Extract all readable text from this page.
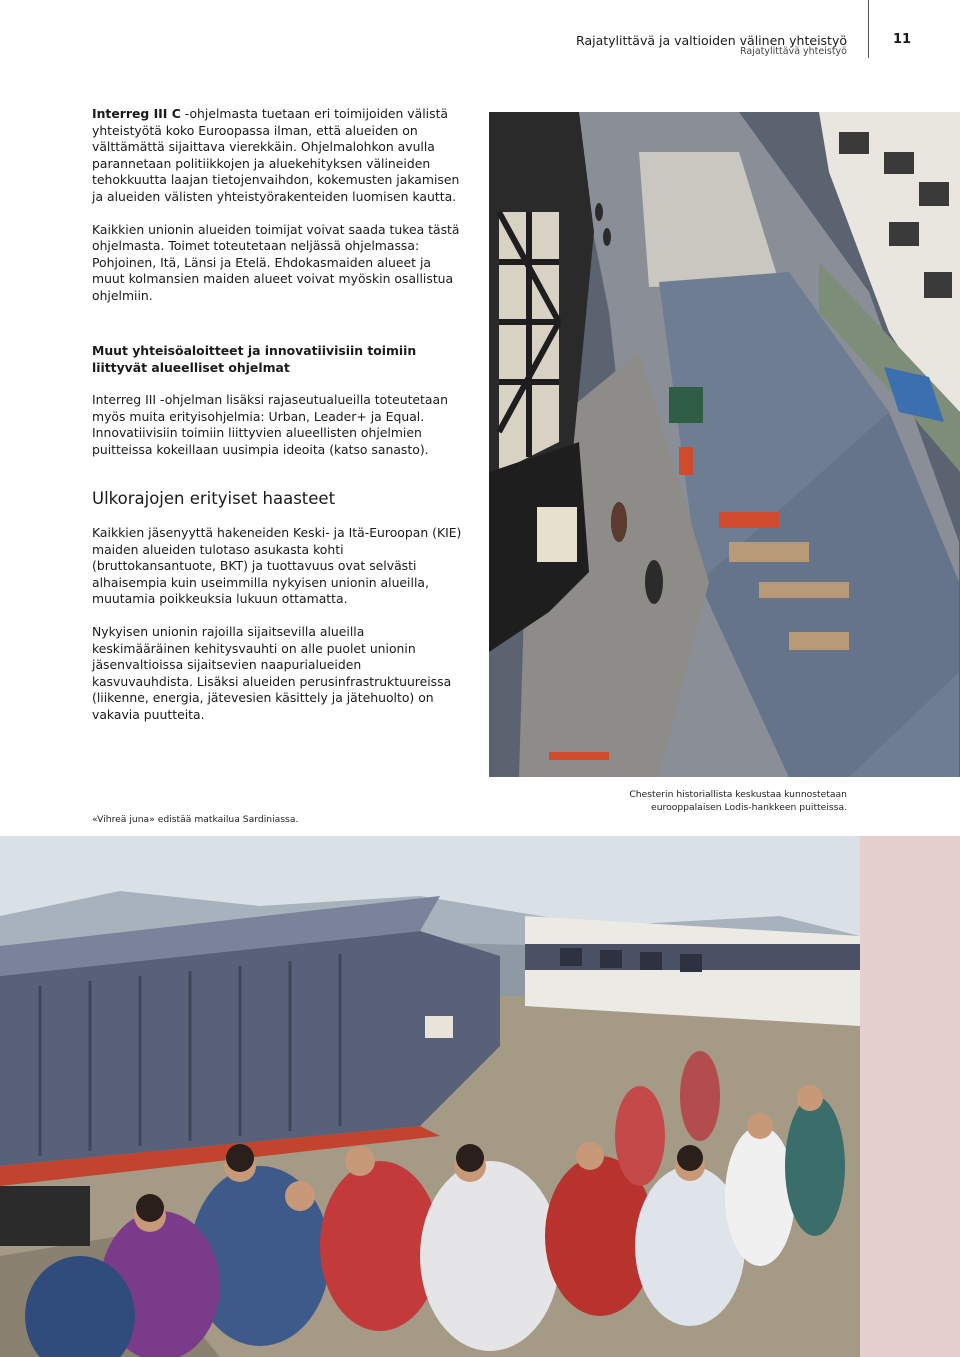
Rajatylittävä ja valtioiden välinen yhteistyö
Rajatylittävä yhteistyö
11

Interreg III C -ohjelmasta tuetaan eri toimijoiden välistä yhteistyötä koko Euroopassa ilman, että alueiden on välttämättä sijaittava vierekkäin. Ohjelmalohkon avulla parannetaan politiikkojen ja aluekehityksen välineiden tehokkuutta laajan tietojenvaihdon, kokemusten jakamisen ja alueiden välisten yhteistyörakenteiden luomisen kautta.

Kaikkien unionin alueiden toimijat voivat saada tukea tästä ohjelmasta. Toimet toteutetaan neljässä ohjelmassa: Pohjoinen, Itä, Länsi ja Etelä. Ehdokasmaiden alueet ja muut kolmansien maiden alueet voivat myöskin osallistua ohjelmiin.

Muut yhteisöaloitteet ja innovatiivisiin toimiin liittyvät alueelliset ohjelmat

Interreg III -ohjelman lisäksi rajaseutualueilla toteutetaan myös muita erityisohjelmia: Urban, Leader+ ja Equal. Innovatiivisiin toimiin liittyvien alueellisten ohjelmien puitteissa kokeillaan uusimpia ideoita (katso sanasto).

Ulkorajojen erityiset haasteet

Kaikkien jäsenyyttä hakeneiden Keski- ja Itä-Euroopan (KIE) maiden alueiden tulotaso asukasta kohti (bruttokansantuote, BKT) ja tuottavuus ovat selvästi alhaisempia kuin useimmilla nykyisen unionin alueilla, muutamia poikkeuksia lukuun ottamatta.

Nykyisen unionin rajoilla sijaitsevilla alueilla keskimääräinen kehitysvauhti on alle puolet unionin jäsenvaltioissa sijaitsevien naapurialueiden kasvuvauhdista. Lisäksi alueiden perusinfrastruktuureissa (liikenne, energia, jätevesien käsittely ja jätehuolto) on vakavia puutteita.

Chesterin historiallista keskustaa kunnostetaan eurooppalaisen Lodis-hankkeen puitteissa.
«Vihreä juna» edistää matkailua Sardiniassa.
